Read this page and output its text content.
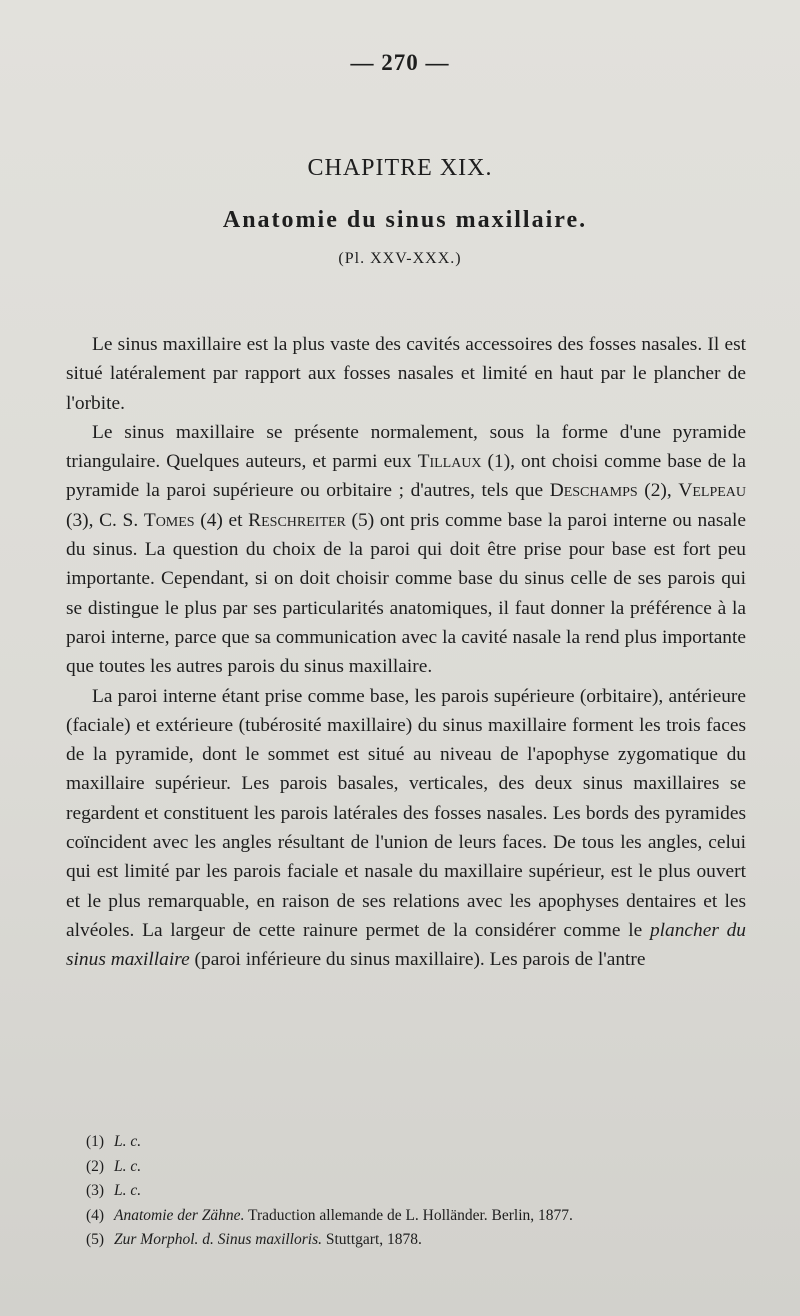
— 270 —
CHAPITRE XIX.
Anatomie du sinus maxillaire.
(Pl. XXV-XXX.)

Le sinus maxillaire est la plus vaste des cavités accessoires des fosses nasales. Il est situé latéralement par rapport aux fosses nasales et limité en haut par le plancher de l'orbite.

Le sinus maxillaire se présente normalement, sous la forme d'une pyramide triangulaire. Quelques auteurs, et parmi eux Tillaux (1), ont choisi comme base de la pyramide la paroi supérieure ou orbitaire ; d'autres, tels que Deschamps (2), Velpeau (3), C. S. Tomes (4) et Reschreiter (5) ont pris comme base la paroi interne ou nasale du sinus. La question du choix de la paroi qui doit être prise pour base est fort peu importante. Cependant, si on doit choisir comme base du sinus celle de ses parois qui se distingue le plus par ses particularités anatomiques, il faut donner la préférence à la paroi interne, parce que sa communication avec la cavité nasale la rend plus importante que toutes les autres parois du sinus maxillaire.

La paroi interne étant prise comme base, les parois supérieure (orbitaire), antérieure (faciale) et extérieure (tubérosité maxillaire) du sinus maxillaire forment les trois faces de la pyramide, dont le sommet est situé au niveau de l'apophyse zygomatique du maxillaire supérieur. Les parois basales, verticales, des deux sinus maxillaires se regardent et constituent les parois latérales des fosses nasales. Les bords des pyramides coïncident avec les angles résultant de l'union de leurs faces. De tous les angles, celui qui est limité par les parois faciale et nasale du maxillaire supérieur, est le plus ouvert et le plus remarquable, en raison de ses relations avec les apophyses dentaires et les alvéoles. La largeur de cette rainure permet de la considérer comme le plancher du sinus maxillaire (paroi inférieure du sinus maxillaire). Les parois de l'antre

(1) L. c.
(2) L. c.
(3) L. c.
(4) Anatomie der Zähne. Traduction allemande de L. Holländer. Berlin, 1877.
(5) Zur Morphol. d. Sinus maxilloris. Stuttgart, 1878.
